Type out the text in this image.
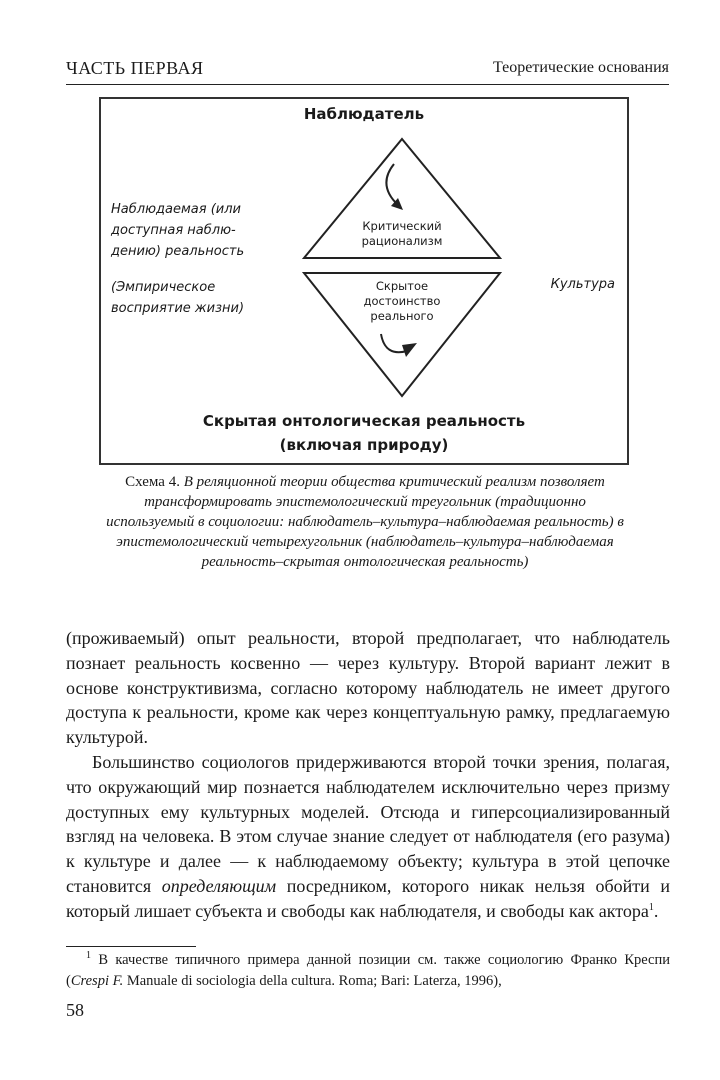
ЧАСТЬ ПЕРВАЯ	Теоретические основания
Наблюдатель
Наблюдаемая (или
доступная наблю-
дению) реальность
(Эмпирическое
восприятие жизни)
Культура
Критический
рационализм
Скрытое
достоинство
реального
Скрытая онтологическая реальность
(включая природу)
Схема 4. В реляционной теории общества критический реализм позволяет трансформировать эпистемологический треугольник (традиционно используемый в социологии: наблюдатель–культура–наблюдаемая реальность) в эпистемологический четырехугольник (наблюдатель–культура–наблюдаемая реальность–скрытая онтологическая реальность)

(проживаемый) опыт реальности, второй предполагает, что наблюдатель познает реальность косвенно — через культуру. Второй вариант лежит в основе конструктивизма, согласно которому наблюдатель не имеет другого доступа к реальности, кроме как через концептуальную рамку, предлагаемую культурой.

Большинство социологов придерживаются второй точки зрения, полагая, что окружающий мир познается наблюдателем исключительно через призму доступных ему культурных моделей. Отсюда и гиперсоциализированный взгляд на человека. В этом случае знание следует от наблюдателя (его разума) к культуре и далее — к наблюдаемому объекту; культура в этой цепочке становится определяющим посредником, которого никак нельзя обойти и который лишает субъекта и свободы как наблюдателя, и свободы как актора$^1$.

$^1$ В качестве типичного примера данной позиции см. также социологию Франко Креспи (Crespi F. Manuale di sociologia della cultura. Roma; Bari: Laterza, 1996),
58
